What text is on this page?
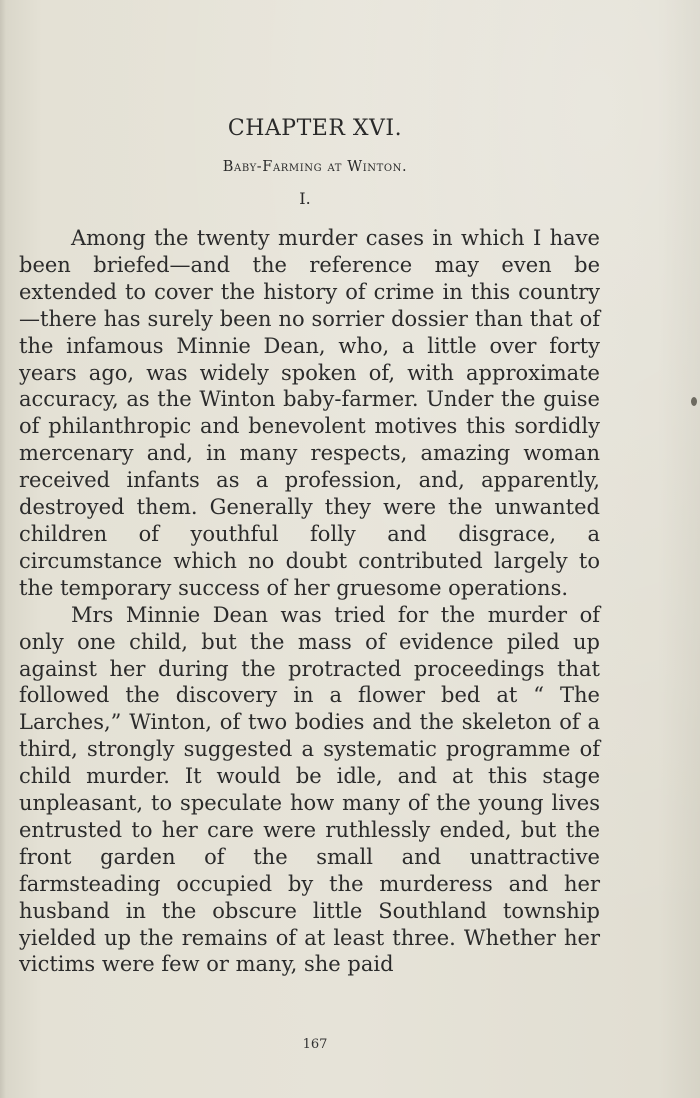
CHAPTER XVI.
Baby-Farming at Winton.
I.

Among the twenty murder cases in which I have been briefed—and the reference may even be extended to cover the history of crime in this country—there has surely been no sorrier dossier than that of the infamous Minnie Dean, who, a little over forty years ago, was widely spoken of, with approximate accuracy, as the Winton baby-farmer. Under the guise of philanthropic and benevolent motives this sordidly mercenary and, in many respects, amazing woman received infants as a profession, and, apparently, destroyed them. Generally they were the unwanted children of youthful folly and disgrace, a circumstance which no doubt contributed largely to the temporary success of her gruesome operations.

Mrs Minnie Dean was tried for the murder of only one child, but the mass of evidence piled up against her during the protracted proceedings that followed the discovery in a flower bed at “ The Larches,” Winton, of two bodies and the skeleton of a third, strongly suggested a systematic programme of child murder. It would be idle, and at this stage unpleasant, to speculate how many of the young lives entrusted to her care were ruthlessly ended, but the front garden of the small and unattractive farmsteading occupied by the murderess and her husband in the obscure little Southland township yielded up the remains of at least three. Whether her victims were few or many, she paid

167
